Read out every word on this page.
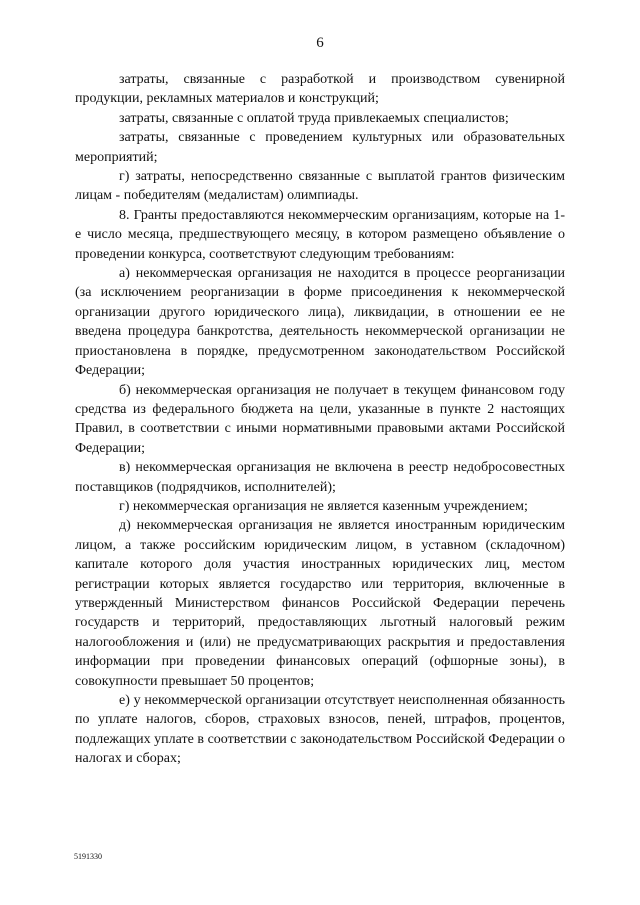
6

затраты, связанные с разработкой и производством сувенирной продукции, рекламных материалов и конструкций;

затраты, связанные с оплатой труда привлекаемых специалистов;

затраты, связанные с проведением культурных или образовательных мероприятий;

г) затраты, непосредственно связанные с выплатой грантов физическим лицам - победителям (медалистам) олимпиады.

8. Гранты предоставляются некоммерческим организациям, которые на 1-е число месяца, предшествующего месяцу, в котором размещено объявление о проведении конкурса, соответствуют следующим требованиям:

а) некоммерческая организация не находится в процессе реорганизации (за исключением реорганизации в форме присоединения к некоммерческой организации другого юридического лица), ликвидации, в отношении ее не введена процедура банкротства, деятельность некоммерческой организации не приостановлена в порядке, предусмотренном законодательством Российской Федерации;

б) некоммерческая организация не получает в текущем финансовом году средства из федерального бюджета на цели, указанные в пункте 2 настоящих Правил, в соответствии с иными нормативными правовыми актами Российской Федерации;

в) некоммерческая организация не включена в реестр недобросовестных поставщиков (подрядчиков, исполнителей);

г) некоммерческая организация не является казенным учреждением;

д) некоммерческая организация не является иностранным юридическим лицом, а также российским юридическим лицом, в уставном (складочном) капитале которого доля участия иностранных юридических лиц, местом регистрации которых является государство или территория, включенные в утвержденный Министерством финансов Российской Федерации перечень государств и территорий, предоставляющих льготный налоговый режим налогообложения и (или) не предусматривающих раскрытия и предоставления информации при проведении финансовых операций (офшорные зоны), в совокупности превышает 50 процентов;

е) у некоммерческой организации отсутствует неисполненная обязанность по уплате налогов, сборов, страховых взносов, пеней, штрафов, процентов, подлежащих уплате в соответствии с законодательством Российской Федерации о налогах и сборах;

5191330
